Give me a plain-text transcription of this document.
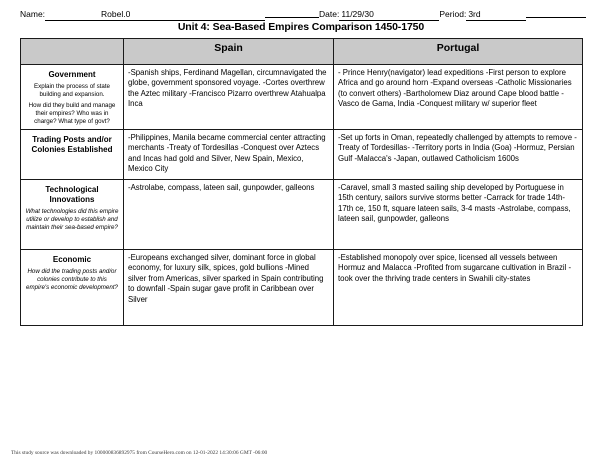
Name:	Robel.0	Date: 11/29/30	Period: 3rd
Unit 4: Sea-Based Empires Comparison 1450-1750
	Spain	Portugal

Government
Explain the process of state building and expansion.
How did they build and manage their empires? Who was in charge? What type of govt?
	-Spanish ships, Ferdinand Magellan, circumnavigated the globe, government sponsored voyage. -Cortes overthrew the Aztec military -Francisco Pizarro overthrew Atahualpa Inca	- Prince Henry(navigator) lead expeditions -First person to explore Africa and go around horn -Expand overseas -Catholic Missionaries (to convert others) -Bartholomew Diaz around Cape blood battle -Vasco de Gama, India -Conquest military w/ superior fleet

Trading Posts and/or Colonies Established	-Philippines, Manila became commercial center attracting merchants -Treaty of Tordesillas -Conquest over Aztecs and Incas had gold and Silver, New Spain, Mexico, Mexico City	-Set up forts in Oman, repeatedly challenged by attempts to remove -Treaty of Tordesillas- -Territory ports in India (Goa) -Hormuz, Persian Gulf -Malacca's -Japan, outlawed Catholicism 1600s

Technological Innovations
What technologies did this empire utilize or develop to establish and maintain their sea-based empire?	-Astrolabe, compass, lateen sail, gunpowder, galleons	-Caravel, small 3 masted sailing ship developed by Portuguese in 15th century, sailors survive storms better -Carrack for trade 14th-17th ce, 150 ft, square lateen sails, 3-4 masts -Astrolabe, compass, lateen sail, gunpowder, galleons

Economic
How did the trading posts and/or colonies contribute to this empire's economic development?	-Europeans exchanged silver, dominant force in global economy, for luxury silk, spices, gold bullions -Mined silver from Americas, silver sparked in Spain contributing to downfall -Spain sugar gave profit in Caribbean over Silver	-Established monopoly over spice, licensed all vessels between Hormuz and Malacca -Profited from sugarcane cultivation in Brazil -took over the thriving trade centers in Swahili city-states
This study source was downloaded by 100000836892975 from CourseHero.com on 12-01-2022 14:30:06 GMT -06:00
